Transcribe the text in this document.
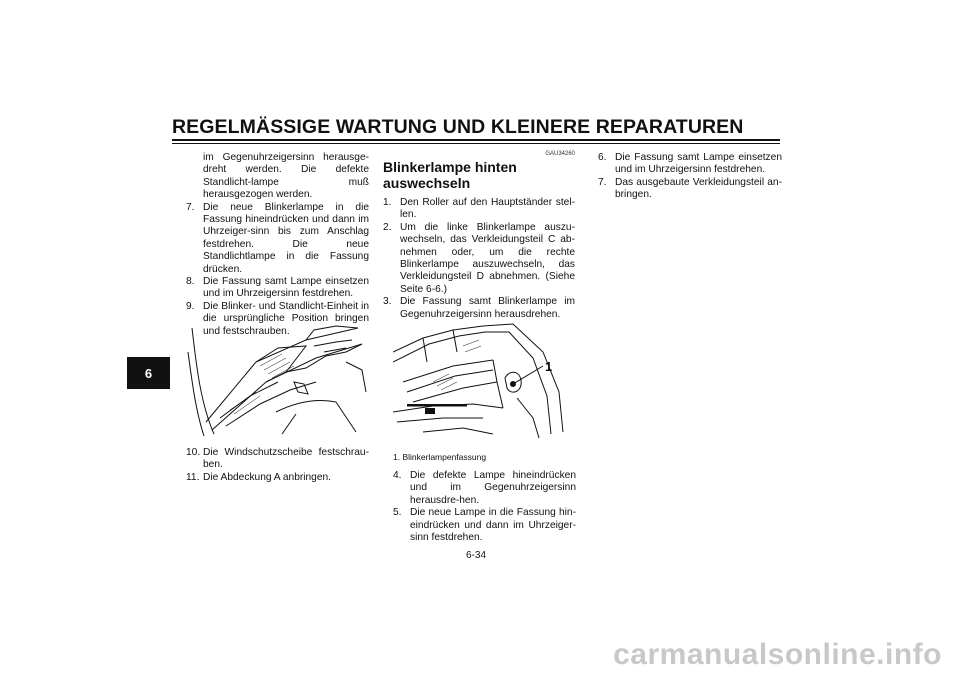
REGELMÄSSIGE WARTUNG UND KLEINERE REPARATUREN
6
im Gegenuhrzeigersinn herausge-dreht werden. Die defekte Standlicht-lampe muß herausgezogen werden.
7. Die neue Blinkerlampe in die Fassung hineindrücken und dann im Uhrzeiger-sinn bis zum Anschlag festdrehen. Die neue Standlichtlampe in die Fassung drücken.
8. Die Fassung samt Lampe einsetzen und im Uhrzeigersinn festdrehen.
9. Die Blinker- und Standlicht-Einheit in die ursprüngliche Position bringen und festschrauben.
10. Die Windschutzscheibe festschrau-ben.
11. Die Abdeckung A anbringen.
GAU34260
Blinkerlampe hinten auswechseln
1. Den Roller auf den Hauptständer stel-len.
2. Um die linke Blinkerlampe auszu-wechseln, das Verkleidungsteil C ab-nehmen oder, um die rechte Blinkerlampe auszuwechseln, das Verkleidungsteil D abnehmen. (Siehe Seite 6-6.)
3. Die Fassung samt Blinkerlampe im Gegenuhrzeigersinn herausdrehen.
1
1. Blinkerlampenfassung
4. Die defekte Lampe hineindrücken und im Gegenuhrzeigersinn herausdre-hen.
5. Die neue Lampe in die Fassung hin-eindrücken und dann im Uhrzeiger-sinn festdrehen.
6. Die Fassung samt Lampe einsetzen und im Uhrzeigersinn festdrehen.
7. Das ausgebaute Verkleidungsteil an-bringen.
6-34
carmanualsonline.info
